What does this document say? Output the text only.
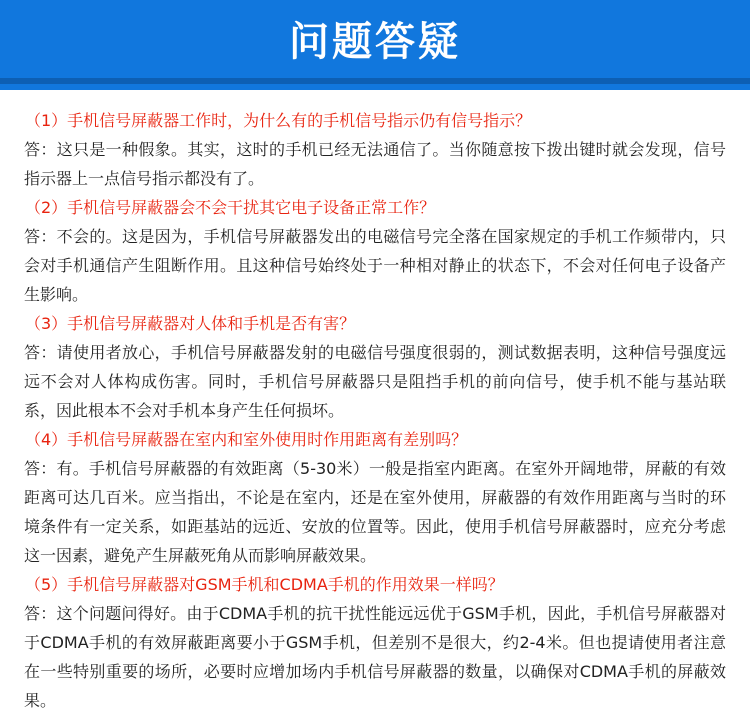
问题答疑
（1）手机信号屏蔽器工作时，为什么有的手机信号指示仍有信号指示？
答：这只是一种假象。其实，这时的手机已经无法通信了。当你随意按下拨出键时就会发现，信号指示器上一点信号指示都没有了。
（2）手机信号屏蔽器会不会干扰其它电子设备正常工作？
答：不会的。这是因为，手机信号屏蔽器发出的电磁信号完全落在国家规定的手机工作频带内，只会对手机通信产生阻断作用。且这种信号始终处于一种相对静止的状态下，不会对任何电子设备产生影响。
（3）手机信号屏蔽器对人体和手机是否有害？
答：请使用者放心，手机信号屏蔽器发射的电磁信号强度很弱的，测试数据表明，这种信号强度远远不会对人体构成伤害。同时，手机信号屏蔽器只是阻挡手机的前向信号，使手机不能与基站联系，因此根本不会对手机本身产生任何损坏。
（4）手机信号屏蔽器在室内和室外使用时作用距离有差别吗？
答：有。手机信号屏蔽器的有效距离（5-30米）一般是指室内距离。在室外开阔地带，屏蔽的有效距离可达几百米。应当指出，不论是在室内，还是在室外使用，屏蔽器的有效作用距离与当时的环境条件有一定关系，如距基站的远近、安放的位置等。因此，使用手机信号屏蔽器时，应充分考虑这一因素，避免产生屏蔽死角从而影响屏蔽效果。
（5）手机信号屏蔽器对GSM手机和CDMA手机的作用效果一样吗？
答：这个问题问得好。由于CDMA手机的抗干扰性能远远优于GSM手机，因此，手机信号屏蔽器对于CDMA手机的有效屏蔽距离要小于GSM手机，但差别不是很大，约2-4米。但也提请使用者注意在一些特别重要的场所，必要时应增加场内手机信号屏蔽器的数量，以确保对CDMA手机的屏蔽效果。
